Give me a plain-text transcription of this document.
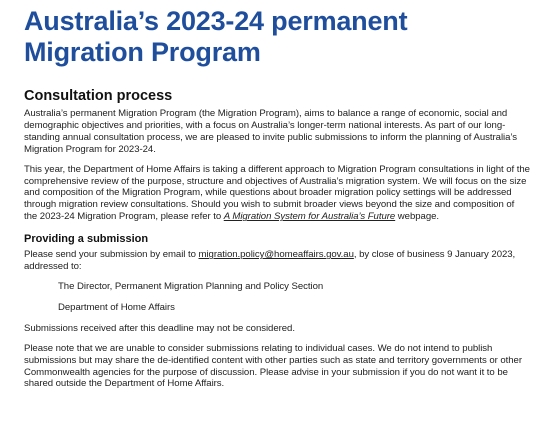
Australia’s 2023-24 permanent
Migration Program
Consultation process

Australia’s permanent Migration Program (the Migration Program), aims to balance a range of economic, social and demographic objectives and priorities, with a focus on Australia’s longer-term national interests. As part of our long-standing annual consultation process, we are pleased to invite public submissions to inform the planning of Australia’s Migration Program for 2023-24.

This year, the Department of Home Affairs is taking a different approach to Migration Program consultations in light of the comprehensive review of the purpose, structure and objectives of Australia’s migration system. We will focus on the size and composition of the Migration Program, while questions about broader migration policy settings will be addressed through migration review consultations. Should you wish to submit broader views beyond the size and composition of the 2023-24 Migration Program, please refer to A Migration System for Australia’s Future webpage.

Providing a submission

Please send your submission by email to migration.policy@homeaffairs.gov.au, by close of business 9 January 2023, addressed to:

The Director, Permanent Migration Planning and Policy Section

Department of Home Affairs

Submissions received after this deadline may not be considered.

Please note that we are unable to consider submissions relating to individual cases. We do not intend to publish submissions but may share the de-identified content with other parties such as state and territory governments or other Commonwealth agencies for the purpose of discussion. Please advise in your submission if you do not want it to be shared outside the Department of Home Affairs.
